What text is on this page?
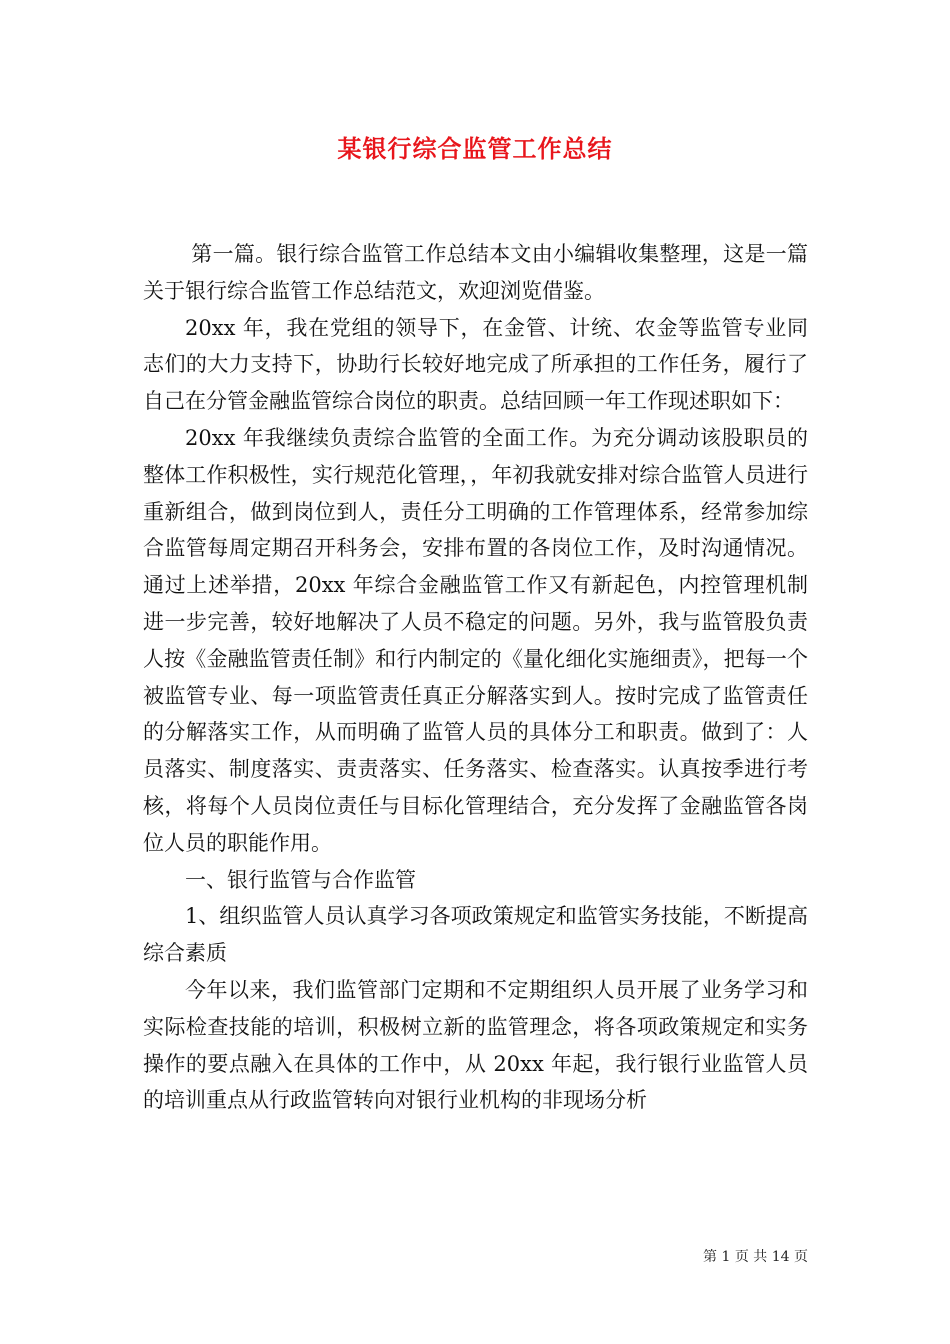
某银行综合监管工作总结

第一篇。银行综合监管工作总结本文由小编辑收集整理，这是一篇关于银行综合监管工作总结范文，欢迎浏览借鉴。

20xx 年，我在党组的领导下，在金管、计统、农金等监管专业同志们的大力支持下，协助行长较好地完成了所承担的工作任务，履行了自己在分管金融监管综合岗位的职责。总结回顾一年工作现述职如下：

20xx 年我继续负责综合监管的全面工作。为充分调动该股职员的整体工作积极性，实行规范化管理，，年初我就安排对综合监管人员进行重新组合，做到岗位到人，责任分工明确的工作管理体系，经常参加综合监管每周定期召开科务会，安排布置的各岗位工作，及时沟通情况。通过上述举措，20xx 年综合金融监管工作又有新起色，内控管理机制进一步完善，较好地解决了人员不稳定的问题。另外，我与监管股负责人按《金融监管责任制》和行内制定的《量化细化实施细责》，把每一个被监管专业、每一项监管责任真正分解落实到人。按时完成了监管责任的分解落实工作，从而明确了监管人员的具体分工和职责。做到了：人员落实、制度落实、责责落实、任务落实、检查落实。认真按季进行考核，将每个人员岗位责任与目标化管理结合，充分发挥了金融监管各岗位人员的职能作用。

一、银行监管与合作监管

1、组织监管人员认真学习各项政策规定和监管实务技能，不断提高综合素质

今年以来，我们监管部门定期和不定期组织人员开展了业务学习和实际检查技能的培训，积极树立新的监管理念，将各项政策规定和实务操作的要点融入在具体的工作中，从 20xx 年起，我行银行业监管人员的培训重点从行政监管转向对银行业机构的非现场分析

第 1 页 共 14 页
